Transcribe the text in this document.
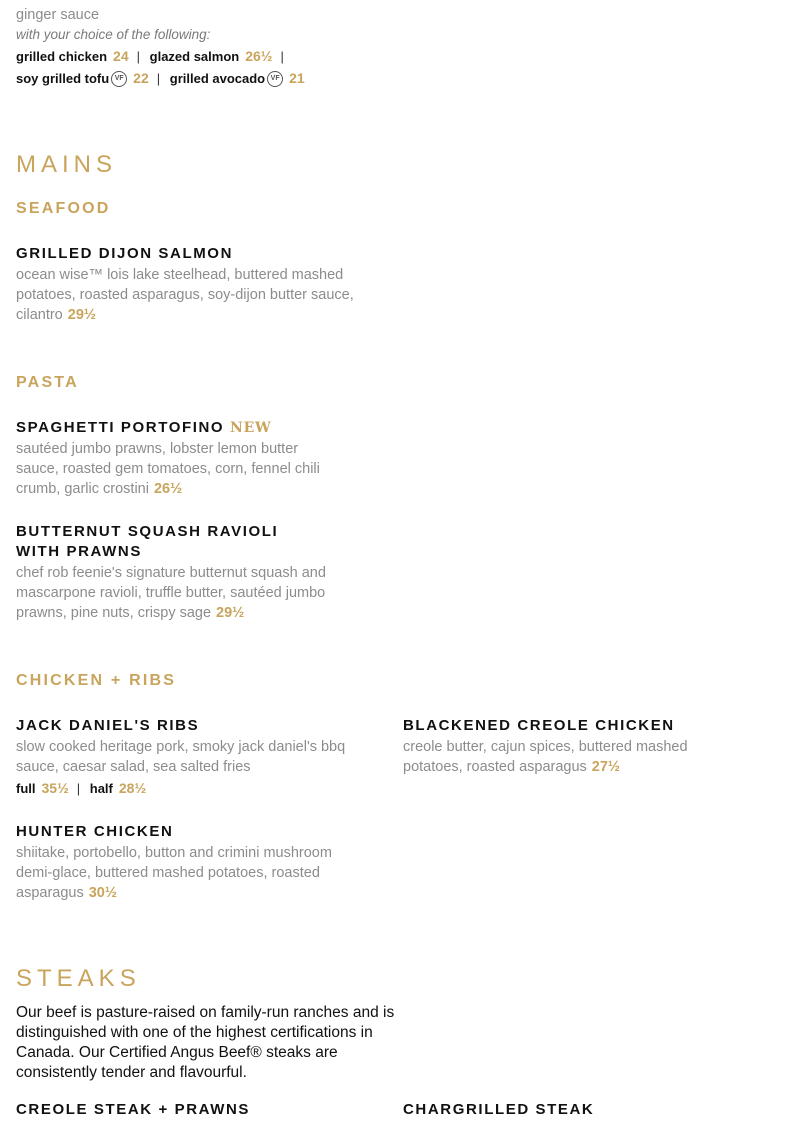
ginger sauce
with your choice of the following:
grilled chicken 24 | glazed salmon 26½ |
soy grilled tofu VF 22 | grilled avocado VF 21
MAINS
SEAFOOD
GRILLED DIJON SALMON
ocean wise™ lois lake steelhead, buttered mashed potatoes, roasted asparagus, soy-dijon butter sauce, cilantro 29½
PASTA
SPAGHETTI PORTOFINO NEW
sautéed jumbo prawns, lobster lemon butter sauce, roasted gem tomatoes, corn, fennel chili crumb, garlic crostini 26½
BUTTERNUT SQUASH RAVIOLI
WITH PRAWNS
chef rob feenie's signature butternut squash and mascarpone ravioli, truffle butter, sautéed jumbo prawns, pine nuts, crispy sage 29½
CHICKEN + RIBS
JACK DANIEL'S RIBS
slow cooked heritage pork, smoky jack daniel's bbq sauce, caesar salad, sea salted fries
full 35½ | half 28½
BLACKENED CREOLE CHICKEN
creole butter, cajun spices, buttered mashed potatoes, roasted asparagus 27½
HUNTER CHICKEN
shiitake, portobello, button and crimini mushroom demi-glace, buttered mashed potatoes, roasted asparagus 30½
STEAKS
Our beef is pasture-raised on family-run ranches and is distinguished with one of the highest certifications in Canada. Our Certified Angus Beef® steaks are consistently tender and flavourful.
CREOLE STEAK + PRAWNS	CHARGRILLED STEAK
